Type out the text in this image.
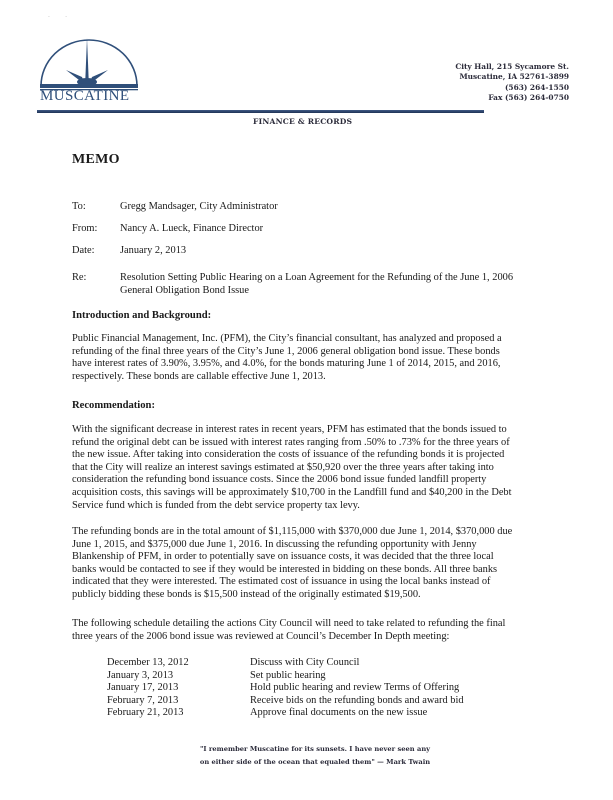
·        ·
MUSCATINE
City Hall, 215 Sycamore St.
Muscatine, IA 52761-3899
(563) 264-1550
Fax (563) 264-0750
FINANCE & RECORDS
MEMO
To:	Gregg Mandsager, City Administrator
From:	Nancy A. Lueck, Finance Director
Date:	January 2, 2013
Re:	Resolution Setting Public Hearing on a Loan Agreement for the Refunding of the June 1, 2006
General Obligation Bond Issue
Introduction and Background:
Public Financial Management, Inc. (PFM), the City’s financial consultant, has analyzed and proposed a
refunding of the final three years of the City’s June 1, 2006 general obligation bond issue. These bonds
have interest rates of 3.90%, 3.95%, and 4.0%, for the bonds maturing June 1 of 2014, 2015, and 2016,
respectively. These bonds are callable effective June 1, 2013.
Recommendation:
With the significant decrease in interest rates in recent years, PFM has estimated that the bonds issued to
refund the original debt can be issued with interest rates ranging from .50% to .73% for the three years of
the new issue. After taking into consideration the costs of issuance of the refunding bonds it is projected
that the City will realize an interest savings estimated at $50,920 over the three years after taking into
consideration the refunding bond issuance costs. Since the 2006 bond issue funded landfill property
acquisition costs, this savings will be approximately $10,700 in the Landfill fund and $40,200 in the Debt
Service fund which is funded from the debt service property tax levy.
The refunding bonds are in the total amount of $1,115,000 with $370,000 due June 1, 2014, $370,000 due
June 1, 2015, and $375,000 due June 1, 2016. In discussing the refunding opportunity with Jenny
Blankenship of PFM, in order to potentially save on issuance costs, it was decided that the three local
banks would be contacted to see if they would be interested in bidding on these bonds. All three banks
indicated that they were interested. The estimated cost of issuance in using the local banks instead of
publicly bidding these bonds is $15,500 instead of the originally estimated $19,500.
The following schedule detailing the actions City Council will need to take related to refunding the final
three years of the 2006 bond issue was reviewed at Council’s December In Depth meeting:
December 13, 2012	Discuss with City Council
January 3, 2013	Set public hearing
January 17, 2013	Hold public hearing and review Terms of Offering
February 7, 2013	Receive bids on the refunding bonds and award bid
February 21, 2013	Approve final documents on the new issue
"I remember Muscatine for its sunsets. I have never seen any
on either side of the ocean that equaled them" — Mark Twain
